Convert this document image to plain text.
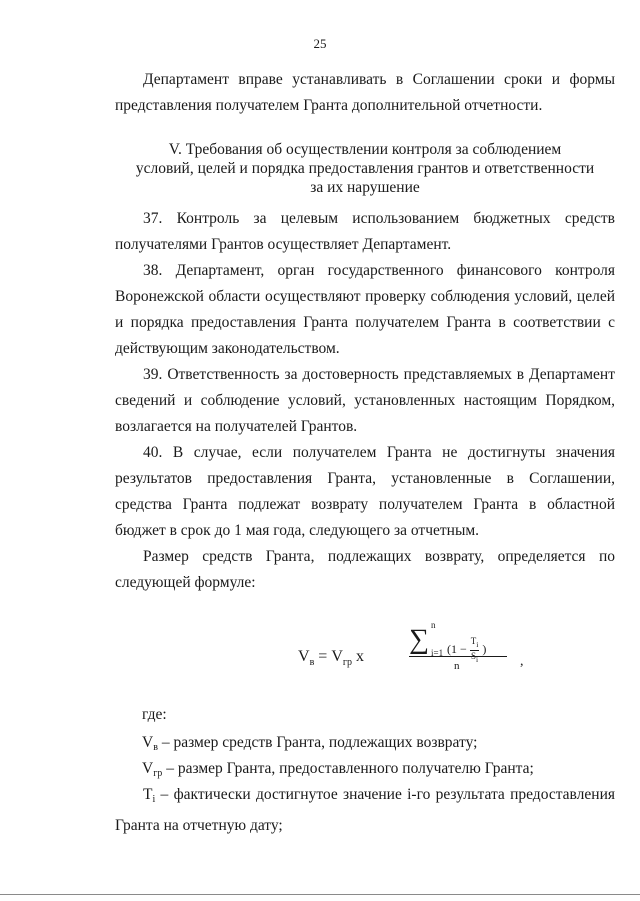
25
Департамент вправе устанавливать в Соглашении сроки и формы представления получателем Гранта дополнительной отчетности.
V. Требования об осуществлении контроля за соблюдением
условий, целей и порядка предоставления грантов и ответственности
за их нарушение
37. Контроль за целевым использованием бюджетных средств получателями Грантов осуществляет Департамент.
38. Департамент, орган государственного финансового контроля Воронежской области осуществляют проверку соблюдения условий, целей и порядка предоставления Гранта получателем Гранта в соответствии с действующим законодательством.
39. Ответственность за достоверность представляемых в Департамент сведений и соблюдение условий, установленных настоящим Порядком, возлагается на получателей Грантов.
40. В случае, если получателем Гранта не достигнуты значения результатов предоставления Гранта, установленные в Соглашении, средства Гранта подлежат возврату получателем Гранта в областной бюджет в срок до 1 мая года, следующего за отчетным.
Размер средств Гранта, подлежащих возврату, определяется по следующей формуле:
$V_в = V_{гр}$ x
∑ n
i=1 ($1 - \frac{T_i}{S_i}$ )
n	,
где:
$V_в$ – размер средств Гранта, подлежащих возврату;
$V_{гр}$ – размер Гранта, предоставленного получателю Гранта;
$T_i$ – фактически достигнутое значение i-го результата предоставления Гранта на отчетную дату;
